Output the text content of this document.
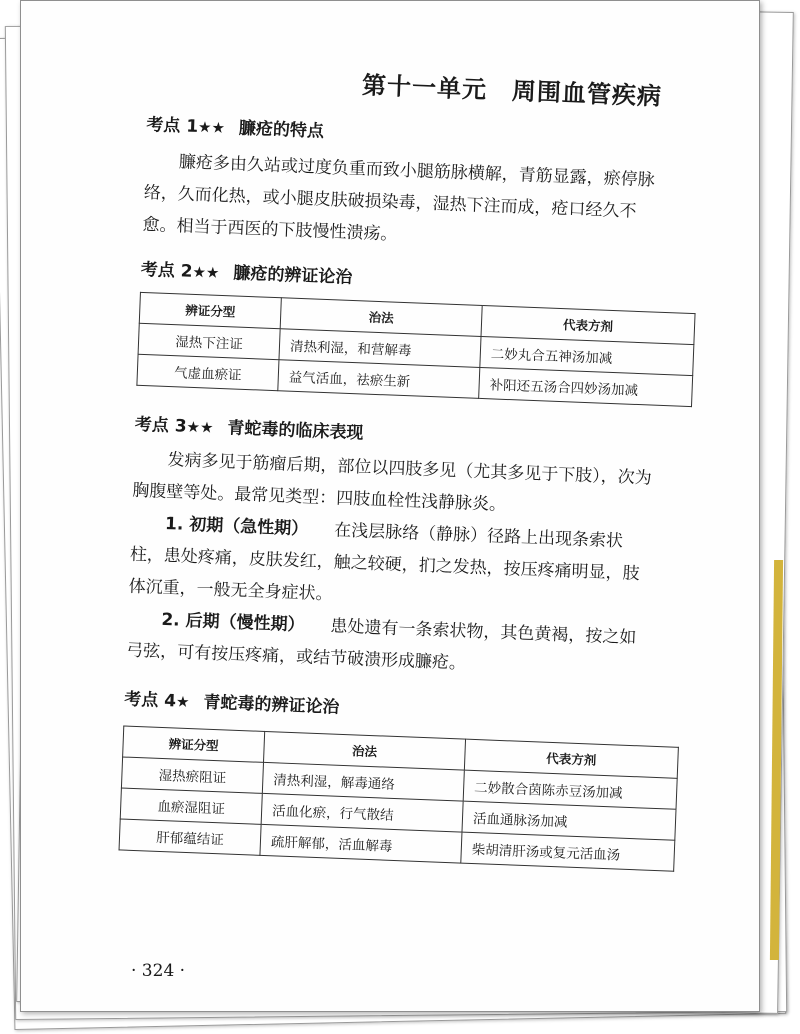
第十一单元　周围血管疾病

考点 1★★ 臁疮的特点

臁疮多由久站或过度负重而致小腿筋脉横解，青筋显露，瘀停脉络，久而化热，或小腿皮肤破损染毒，湿热下注而成，疮口经久不愈。相当于西医的下肢慢性溃疡。

考点 2★★ 臁疮的辨证论治

辨证分型	治法	代表方剂
湿热下注证	清热利湿，和营解毒	二妙丸合五神汤加减
气虚血瘀证	益气活血，祛瘀生新	补阳还五汤合四妙汤加减

考点 3★★ 青蛇毒的临床表现

发病多见于筋瘤后期，部位以四肢多见（尤其多见于下肢），次为胸腹壁等处。最常见类型：四肢血栓性浅静脉炎。

1. 初期（急性期） 在浅层脉络（静脉）径路上出现条索状柱，患处疼痛，皮肤发红，触之较硬，扪之发热，按压疼痛明显，肢体沉重，一般无全身症状。

2. 后期（慢性期） 患处遗有一条索状物，其色黄褐，按之如弓弦，可有按压疼痛，或结节破溃形成臁疮。

考点 4★ 青蛇毒的辨证论治

辨证分型	治法	代表方剂
湿热瘀阻证	清热利湿，解毒通络	二妙散合茵陈赤豆汤加减
血瘀湿阻证	活血化瘀，行气散结	活血通脉汤加减
肝郁蕴结证	疏肝解郁，活血解毒	柴胡清肝汤或复元活血汤
· 324 ·
